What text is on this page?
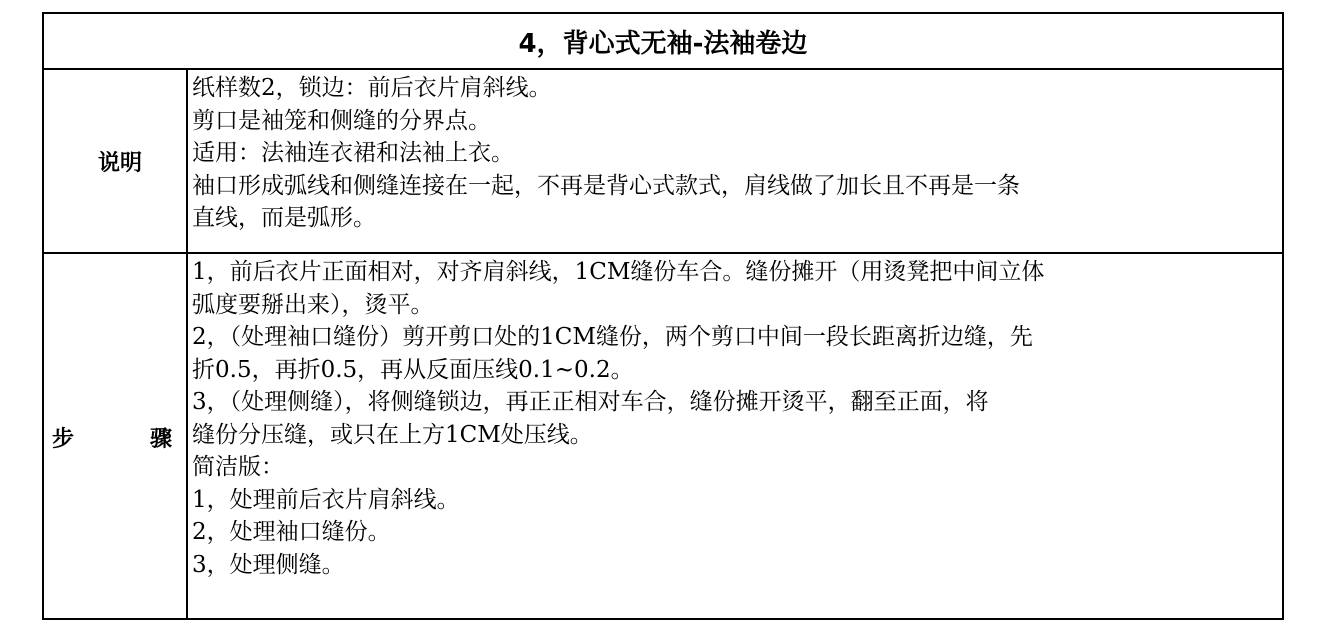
4，背心式无袖-法袖卷边
说明
纸样数2，锁边：前后衣片肩斜线。
剪口是袖笼和侧缝的分界点。
适用：法袖连衣裙和法袖上衣。
袖口形成弧线和侧缝连接在一起，不再是背心式款式，肩线做了加长且不再是一条
直线，而是弧形。
步	骤
1，前后衣片正面相对，对齐肩斜线，1CM缝份车合。缝份摊开（用烫凳把中间立体
弧度要掰出来），烫平。
2，（处理袖口缝份）剪开剪口处的1CM缝份，两个剪口中间一段长距离折边缝，先
折0.5，再折0.5，再从反面压线0.1~0.2。
3，（处理侧缝），将侧缝锁边，再正正相对车合，缝份摊开烫平，翻至正面，将
缝份分压缝，或只在上方1CM处压线。
简洁版：
1，处理前后衣片肩斜线。
2，处理袖口缝份。
3，处理侧缝。
